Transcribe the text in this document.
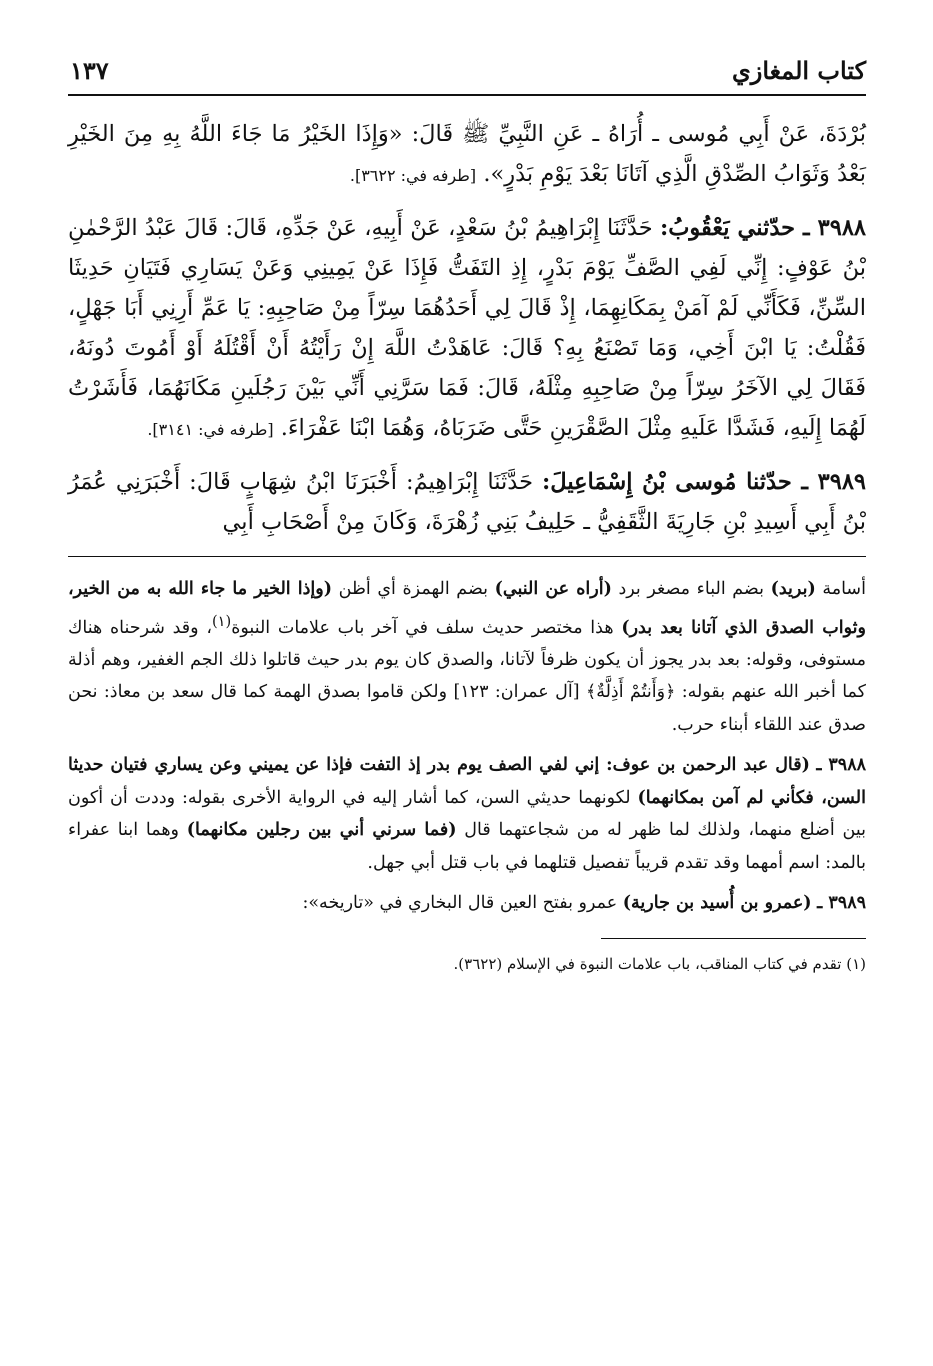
كتاب المغازي
١٣٧

بُرْدَةَ، عَنْ أَبِي مُوسى ـ أُرَاهُ ـ عَنِ النَّبِيِّ ﷺ قَالَ: «وَإِذَا الخَيْرُ مَا جَاءَ اللَّهُ بِهِ مِنَ الخَيْرِ بَعْدُ وَثَوَابُ الصِّدْقِ الَّذِي آتَانَا بَعْدَ يَوْمِ بَدْرٍ». [طرفه في: ٣٦٢٢].

٣٩٨٨ ـ حدّثني يَعْقُوبُ: حَدَّثَنَا إِبْرَاهِيمُ بْنُ سَعْدٍ، عَنْ أَبِيهِ، عَنْ جَدِّهِ، قَالَ: قَالَ عَبْدُ الرَّحْمٰنِ بْنُ عَوْفٍ: إِنِّي لَفِي الصَّفِّ يَوْمَ بَدْرٍ، إِذِ التَفَتُّ فَإِذَا عَنْ يَمِينِي وَعَنْ يَسَارِي فَتَيَانِ حَدِيثَا السِّنِّ، فَكَأَنِّي لَمْ آمَنْ بِمَكَانِهِمَا، إِذْ قَالَ لِي أَحَدُهُمَا سِرّاً مِنْ صَاحِبِهِ: يَا عَمِّ أَرِنِي أَبَا جَهْلٍ، فَقُلْتُ: يَا ابْنَ أَخِي، وَمَا تَصْنَعُ بِهِ؟ قَالَ: عَاهَدْتُ اللَّهَ إِنْ رَأَيْتُهُ أَنْ أَقْتُلَهُ أَوْ أَمُوتَ دُونَهُ، فَقَالَ لِي الآخَرُ سِرّاً مِنْ صَاحِبِهِ مِثْلَهُ، قَالَ: فَمَا سَرَّنِي أَنِّي بَيْنَ رَجُلَينِ مَكَانَهُمَا، فَأَشَرْتُ لَهُمَا إِلَيهِ، فَشَدَّا عَلَيهِ مِثْلَ الصَّقْرَينِ حَتَّى ضَرَبَاهُ، وَهُمَا ابْنَا عَفْرَاءَ. [طرفه في: ٣١٤١].

٣٩٨٩ ـ حدّثنا مُوسى بْنُ إِسْمَاعِيلَ: حَدَّثَنَا إِبْرَاهِيمُ: أَخْبَرَنَا ابْنُ شِهَابٍ قَالَ: أَخْبَرَنِي عُمَرُ بْنُ أَبِي أَسِيدِ بْنِ جَارِيَةَ الثَّقَفِيُّ ـ حَلِيفُ بَنِي زُهْرَةَ، وَكَانَ مِنْ أَصْحَابِ أَبِي

أسامة (بريد) بضم الباء مصغر برد (أراه عن النبي) بضم الهمزة أي أظن (وإذا الخير ما جاء الله به من الخير، وثواب الصدق الذي آتانا بعد بدر) هذا مختصر حديث سلف في آخر باب علامات النبوة$^{(١)}$، وقد شرحناه هناك مستوفى، وقوله: بعد بدر يجوز أن يكون ظرفاً لآتانا، والصدق كان يوم بدر حيث قاتلوا ذلك الجم الغفير، وهم أذلة كما أخبر الله عنهم بقوله: ﴿وَأَنتُمْ أَذِلَّةٌ﴾ [آل عمران: ١٢٣] ولكن قاموا بصدق الهمة كما قال سعد بن معاذ: نحن صدق عند اللقاء أبناء حرب.

٣٩٨٨ ـ (قال عبد الرحمن بن عوف: إني لفي الصف يوم بدر إذ التفت فإذا عن يميني وعن يساري فتيان حديثا السن، فكأني لم آمن بمكانهما) لكونهما حديثي السن، كما أشار إليه في الرواية الأخرى بقوله: وددت أن أكون بين أضلع منهما، ولذلك لما ظهر له من شجاعتهما قال (فما سرني أني بين رجلين مكانهما) وهما ابنا عفراء بالمد: اسم أمهما وقد تقدم قريباً تفصيل قتلهما في باب قتل أبي جهل.

٣٩٨٩ ـ (عمرو بن أُسيد بن جارية) عمرو بفتح العين قال البخاري في «تاريخه»:

(١) تقدم في كتاب المناقب، باب علامات النبوة في الإسلام (٣٦٢٢).
